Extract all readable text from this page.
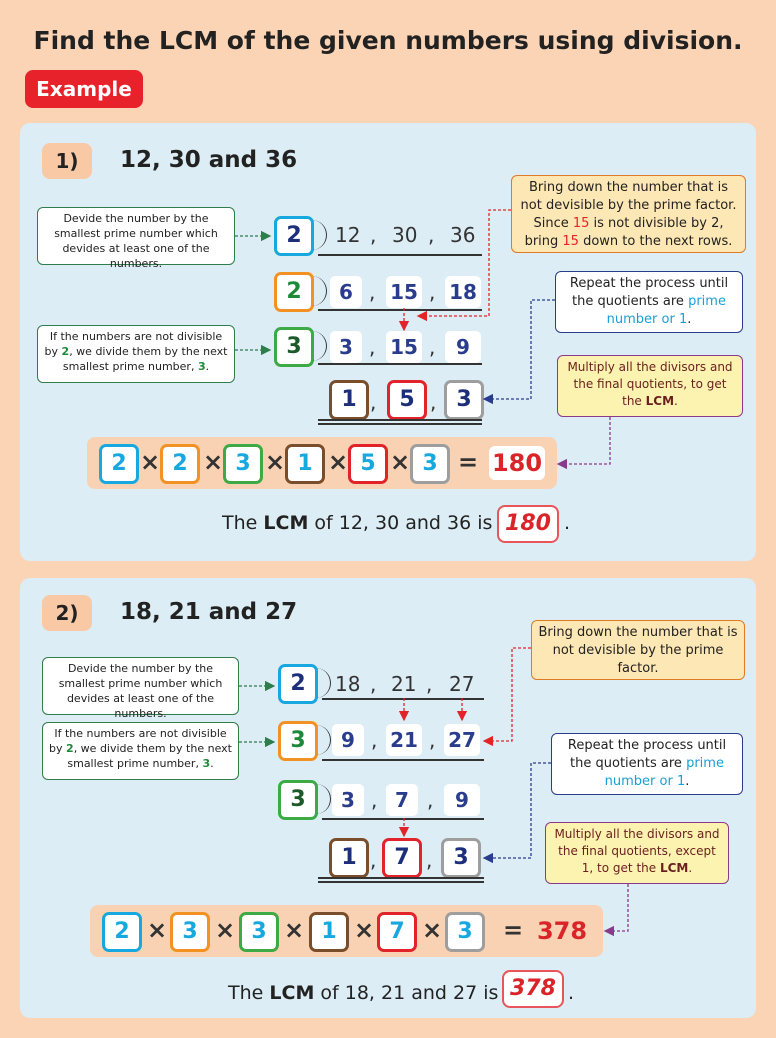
Find the LCM of the given numbers using division.
Example
1)	12, 30 and 36
Devide the number by the smallest prime number which devides at least one of the numbers.
If the numbers are not divisible by 2, we divide them by the next smallest prime number, 3.
Bring down the number that is not devisible by the prime factor. Since 15 is not divisible by 2, bring 15 down to the next rows.
Repeat the process until the quotients are prime number or 1.
Multiply all the divisors and the final quotients, to get the LCM.
2	12 , 30 , 36
2	6 , 15 , 18
3	3 , 15 ,	9
1 ,	5 , 3
2 × 2 × 3 × 1 × 5 × 3 = 180
The LCM of 12, 30 and 36 is 180 .
2)	18, 21 and 27
Devide the number by the smallest prime number which devides at least one of the numbers.
If the numbers are not divisible by 2, we divide them by the next smallest prime number, 3.
Bring down the number that is not devisible by the prime factor.
Repeat the process until the quotients are prime number or 1.
Multiply all the divisors and the final quotients, except 1, to get the LCM.
2	18 , 21 , 27
3	9 , 21 , 27
3	3 , 7 ,	9
1 , 7 , 3
2 × 3 × 3 × 1 × 7 × 3	= 378
The LCM of 18, 21 and 27 is 378 .
